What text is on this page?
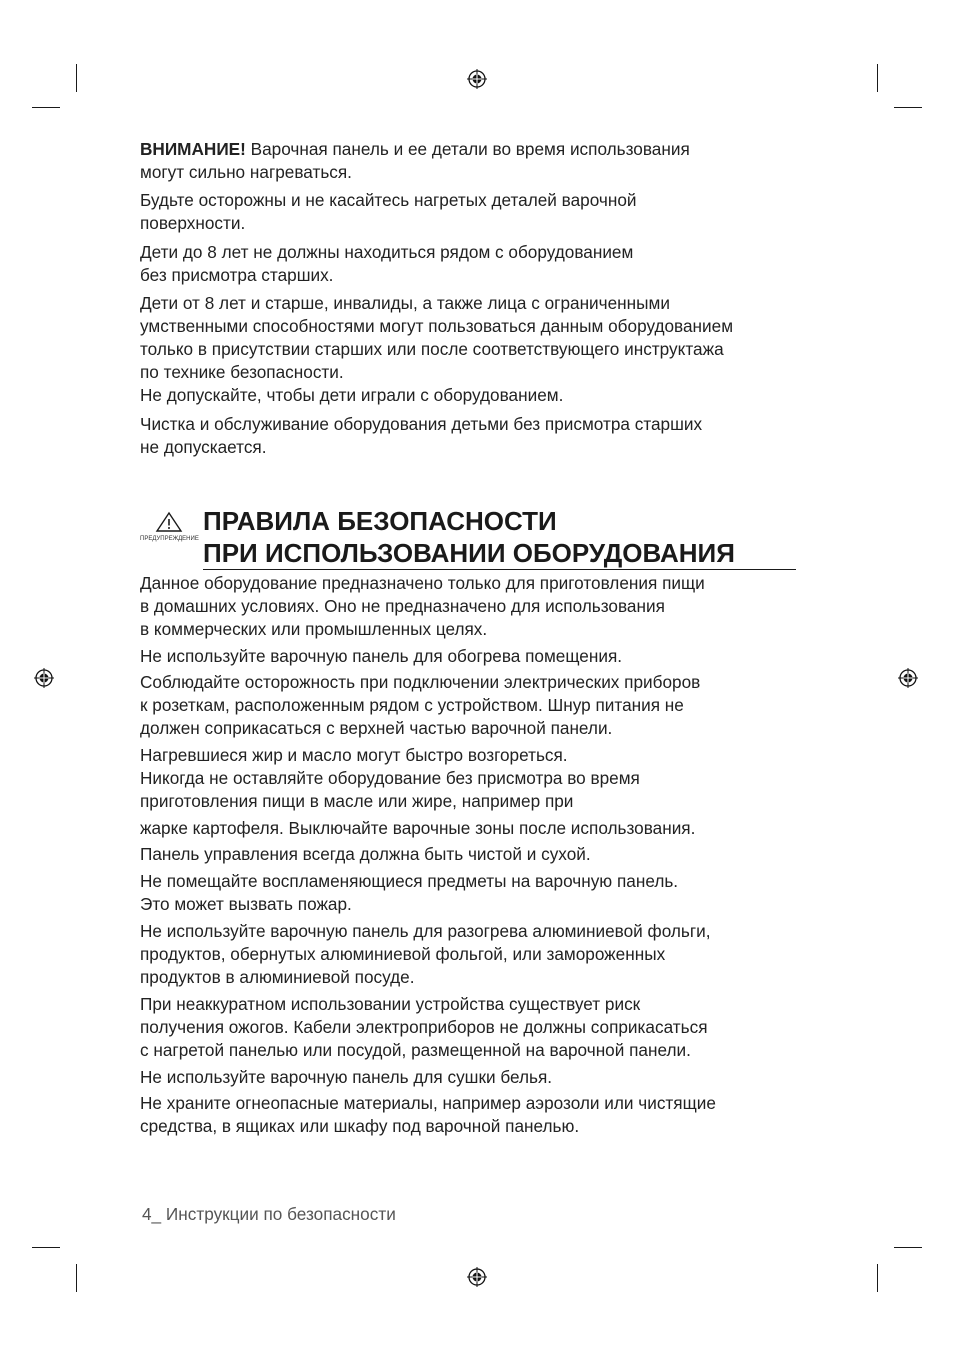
ВНИМАНИЕ! Варочная панель и ее детали во время использования
могут сильно нагреваться.

Будьте осторожны и не касайтесь нагретых деталей варочной
поверхности.

Дети до 8 лет не должны находиться рядом с оборудованием
без присмотра старших.

Дети от 8 лет и старше, инвалиды, а также лица с ограниченными
умственными способностями могут пользоваться данным оборудованием
только в присутствии старших или после соответствующего инструктажа
по технике безопасности.
Не допускайте, чтобы дети играли с оборудованием.

Чистка и обслуживание оборудования детьми без присмотра старших
не допускается.

ПРЕДУПРЕЖДЕНИЕ
ПРАВИЛА БЕЗОПАСНОСТИ
ПРИ ИСПОЛЬЗОВАНИИ ОБОРУДОВАНИЯ

Данное оборудование предназначено только для приготовления пищи
в домашних условиях. Оно не предназначено для использования
в коммерческих или промышленных целях.

Не используйте варочную панель для обогрева помещения.

Соблюдайте осторожность при подключении электрических приборов
к розеткам, расположенным рядом с устройством. Шнур питания не
должен соприкасаться с верхней частью варочной панели.

Нагревшиеся жир и масло могут быстро возгореться.
Никогда не оставляйте оборудование без присмотра во время
приготовления пищи в масле или жире, например при

жарке картофеля. Выключайте варочные зоны после использования.

Панель управления всегда должна быть чистой и сухой.

Не помещайте воспламеняющиеся предметы на варочную панель.
Это может вызвать пожар.

Не используйте варочную панель для разогрева алюминиевой фольги,
продуктов, обернутых алюминиевой фольгой, или замороженных
продуктов в алюминиевой посуде.

При неаккуратном использовании устройства существует риск
получения ожогов. Кабели электроприборов не должны соприкасаться
с нагретой панелью или посудой, размещенной на варочной панели.

Не используйте варочную панель для сушки белья.

Не храните огнеопасные материалы, например аэрозоли или чистящие
средства, в ящиках или шкафу под варочной панелью.

4_ Инструкции по безопасности
